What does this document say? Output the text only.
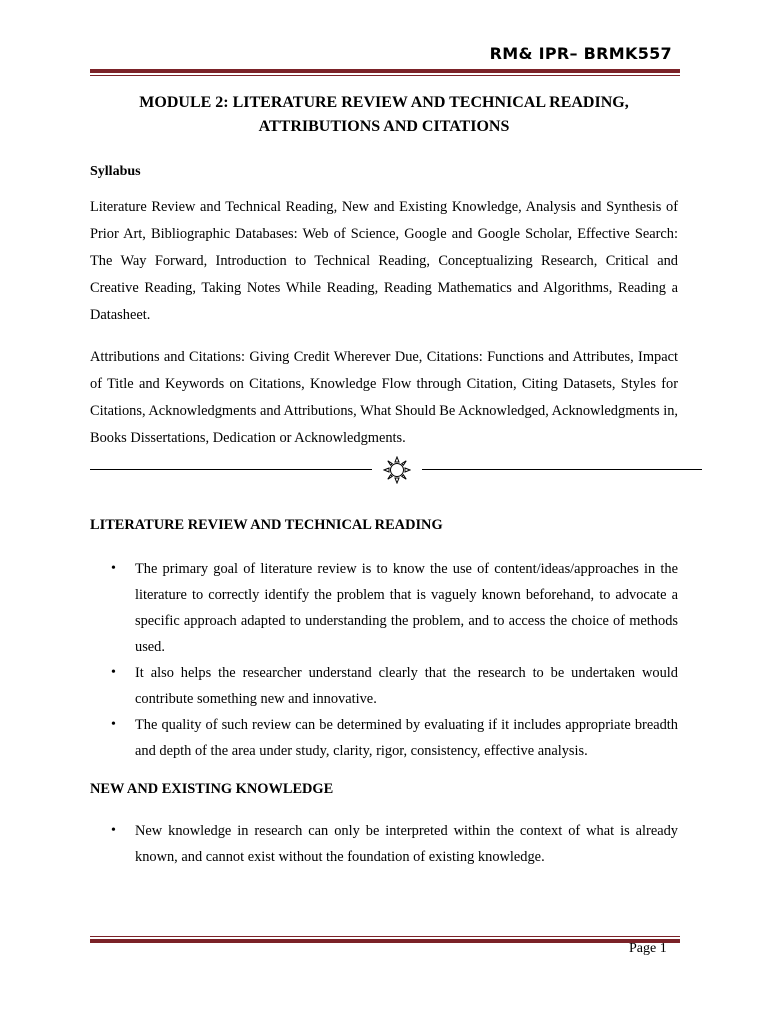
RM& IPR– BRMK557
MODULE 2: LITERATURE REVIEW AND TECHNICAL READING,
ATTRIBUTIONS AND CITATIONS

Syllabus

Literature Review and Technical Reading, New and Existing Knowledge, Analysis and Synthesis of Prior Art, Bibliographic Databases: Web of Science, Google and Google Scholar, Effective Search: The Way Forward, Introduction to Technical Reading, Conceptualizing Research, Critical and Creative Reading, Taking Notes While Reading, Reading Mathematics and Algorithms, Reading a Datasheet.

Attributions and Citations: Giving Credit Wherever Due, Citations: Functions and Attributes, Impact of Title and Keywords on Citations, Knowledge Flow through Citation, Citing Datasets, Styles for Citations, Acknowledgments and Attributions, What Should Be Acknowledged, Acknowledgments in, Books Dissertations, Dedication or Acknowledgments.

LITERATURE REVIEW AND TECHNICAL READING

• The primary goal of literature review is to know the use of content/ideas/approaches in the literature to correctly identify the problem that is vaguely known beforehand, to advocate a specific approach adapted to understanding the problem, and to access the choice of methods used.
• It also helps the researcher understand clearly that the research to be undertaken would contribute something new and innovative.
• The quality of such review can be determined by evaluating if it includes appropriate breadth and depth of the area under study, clarity, rigor, consistency, effective analysis.

NEW AND EXISTING KNOWLEDGE

• New knowledge in research can only be interpreted within the context of what is already known, and cannot exist without the foundation of existing knowledge.
Page 1
